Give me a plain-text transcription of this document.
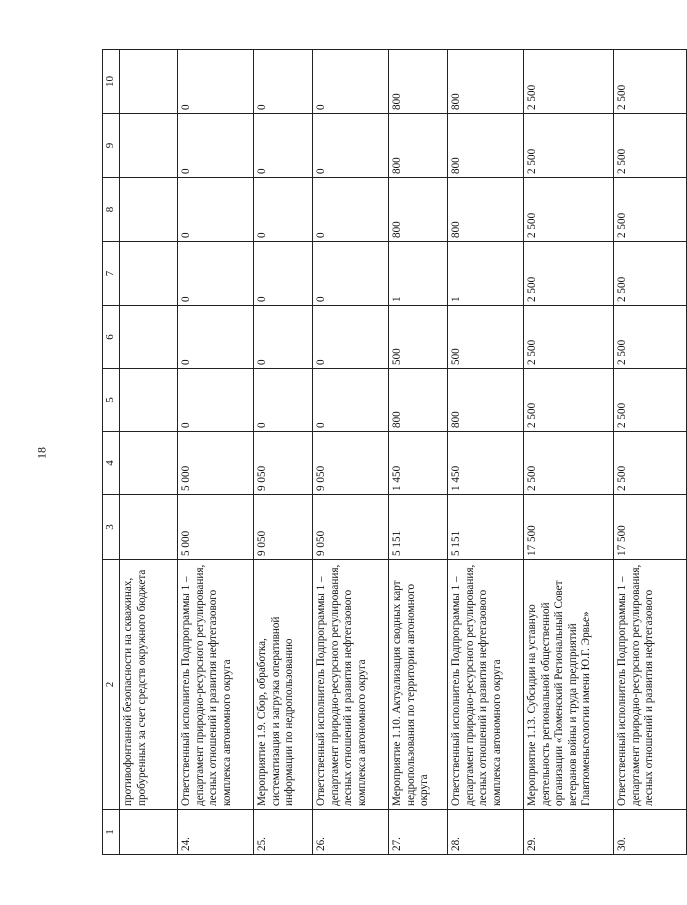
18
1	2	3	4	5	6	7	8	9	10
	противофонтанной безопасности на скважинах, пробуренных за счет средств окружного бюджета								
24.	Ответственный исполнитель Подпрограммы 1 – департамент природно-ресурсного регулирования, лесных отношений и развития нефтегазового комплекса автономного округа	5 000	5 000	0	0	0	0	0	0
25.	Мероприятие 1.9. Сбор, обработка, систематизация и загрузка оперативной информации по недропользованию	9 050	9 050	0	0	0	0	0	0
26.	Ответственный исполнитель Подпрограммы 1 – департамент природно-ресурсного регулирования, лесных отношений и развития нефтегазового комплекса автономного округа	9 050	9 050	0	0	0	0	0	0
27.	Мероприятие 1.10. Актуализация сводных карт недропользования по территории автономного округа	5 151	1 450	800	500	1	800	800	800
28.	Ответственный исполнитель Подпрограммы 1 – департамент природно-ресурсного регулирования, лесных отношений и развития нефтегазового комплекса автономного округа	5 151	1 450	800	500	1	800	800	800
29.	Мероприятие 1.13. Субсидии на уставную деятельность региональной общественной организации «Тюменский Региональный Совет ветеранов войны и труда предприятий Главтюменьгеологии имени Ю.Г. Эрвье»	17 500	2 500	2 500	2 500	2 500	2 500	2 500	2 500
30.	Ответственный исполнитель Подпрограммы 1 – департамент природно-ресурсного регулирования, лесных отношений и развития нефтегазового	17 500	2 500	2 500	2 500	2 500	2 500	2 500	2 500
